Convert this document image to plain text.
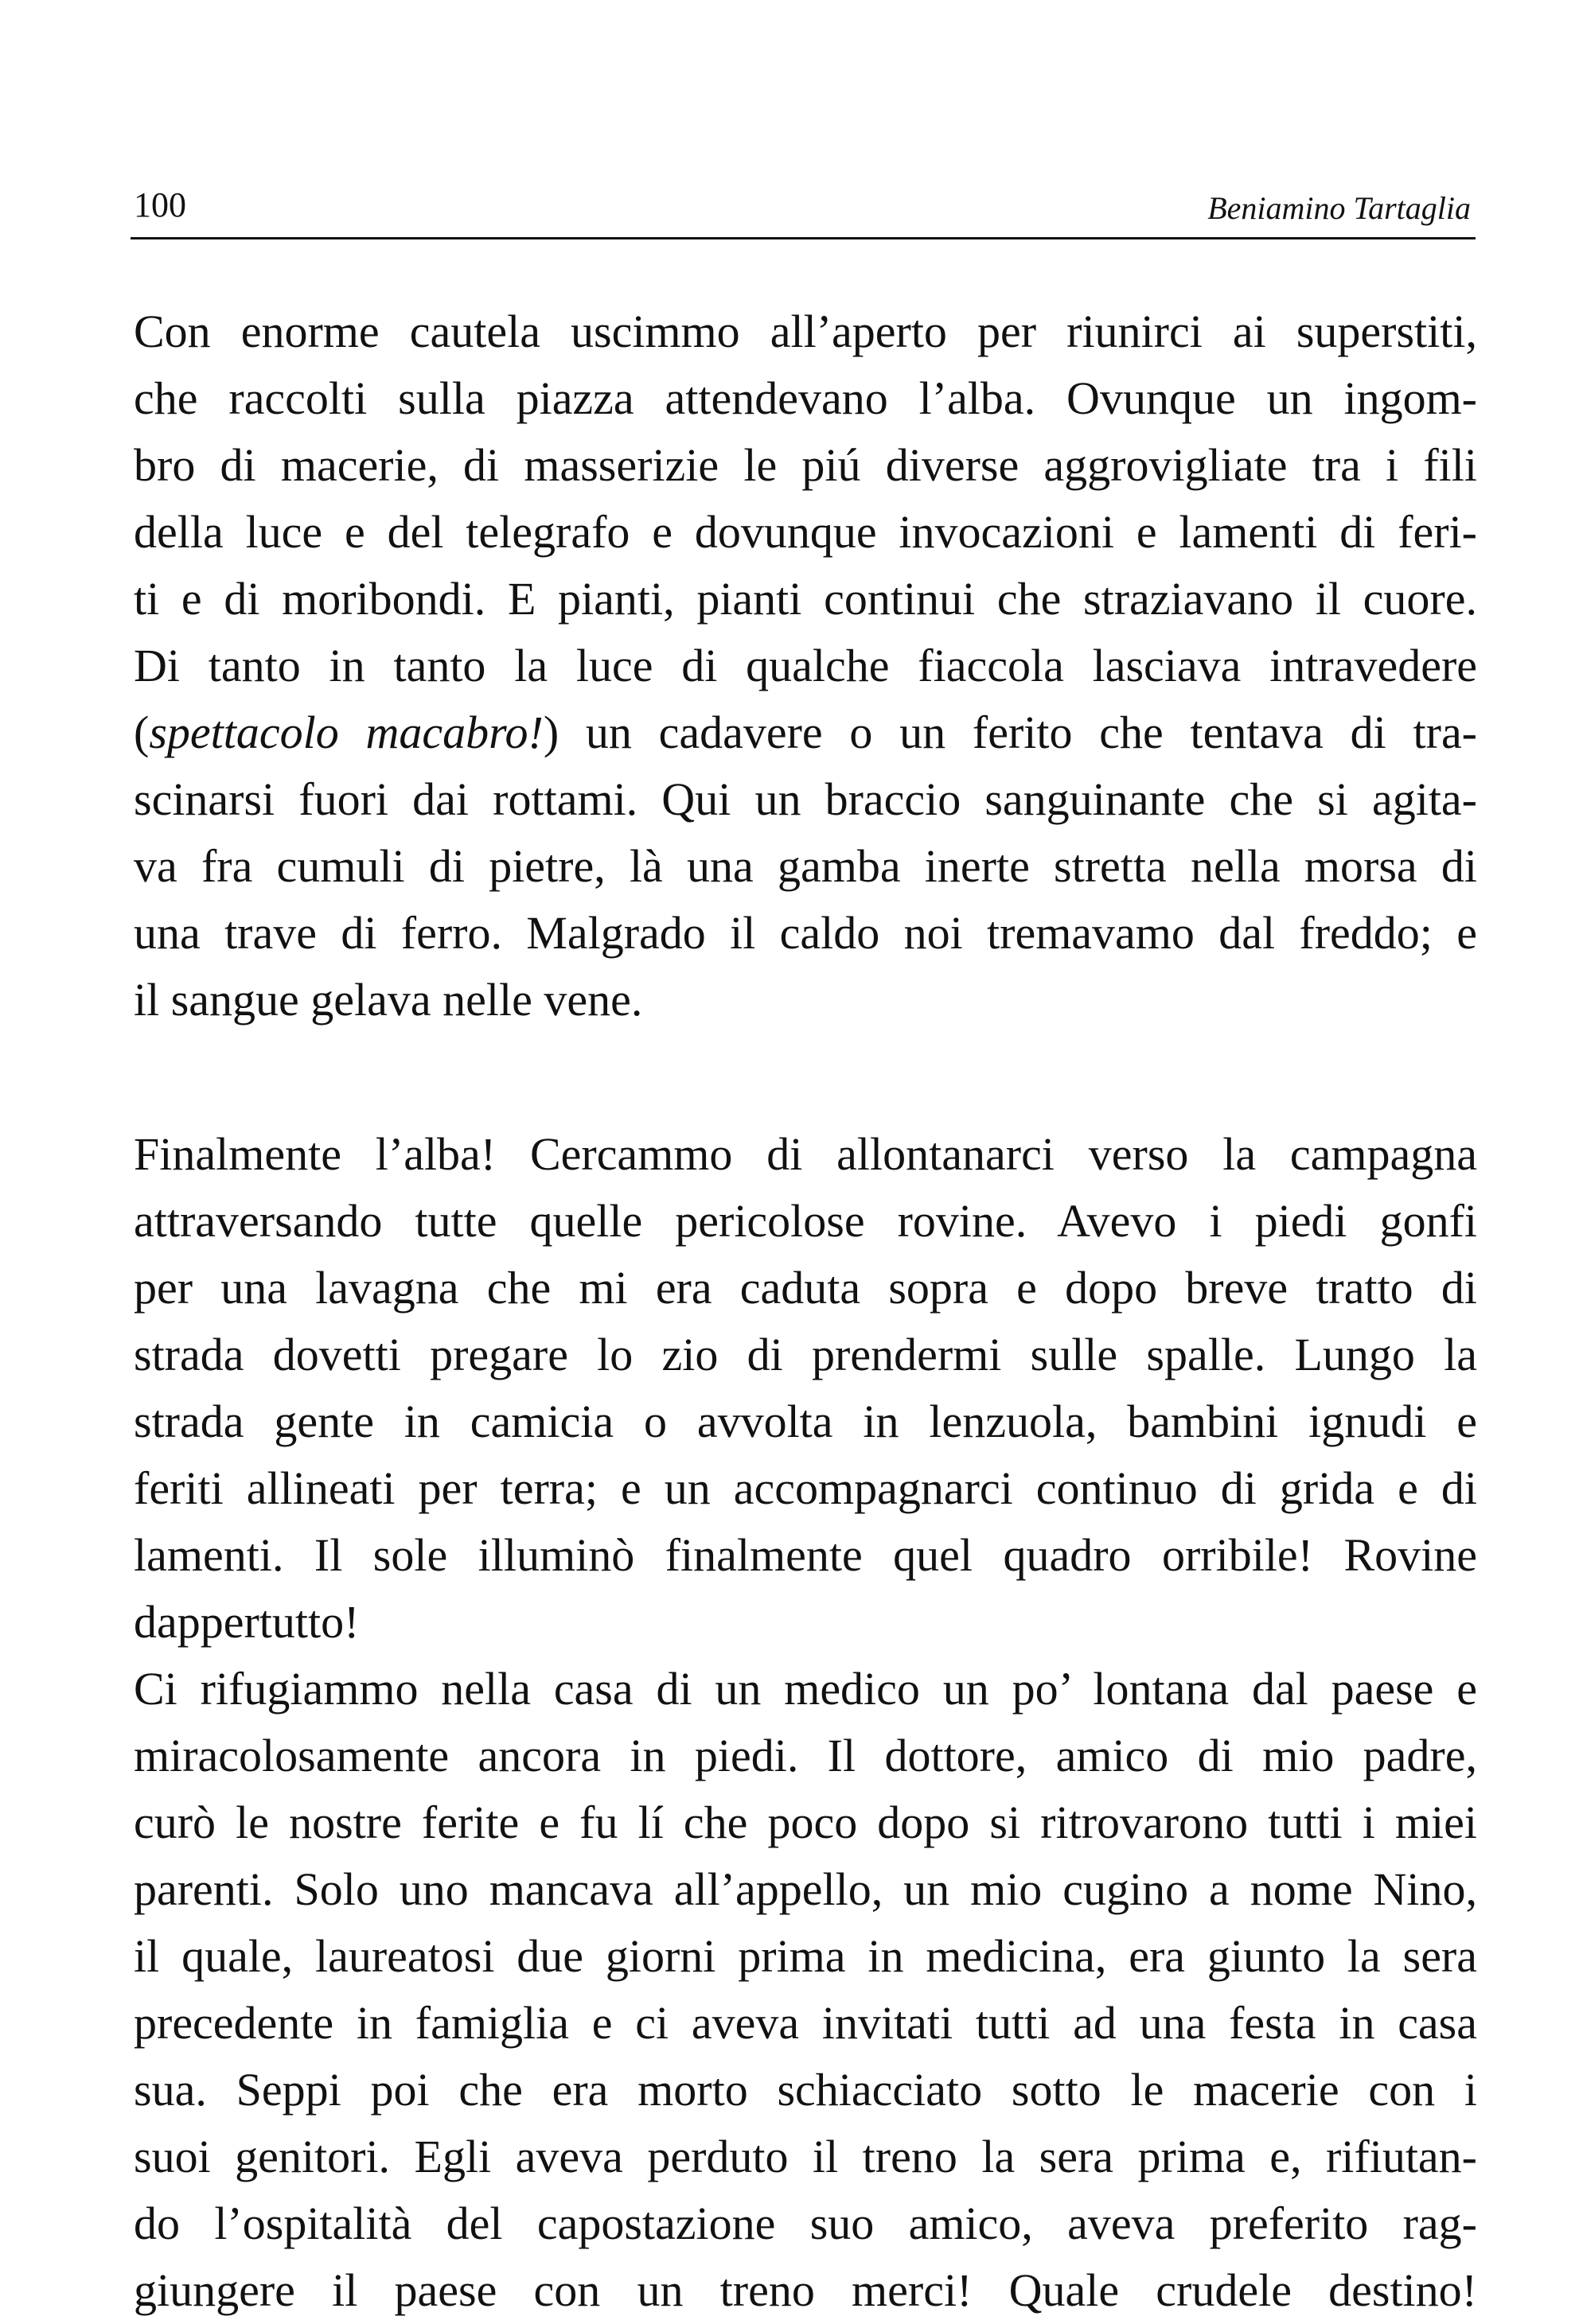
100	Beniamino Tartaglia
Con enorme cautela uscimmo all’aperto per riunirci ai superstiti,
che raccolti sulla piazza attendevano l’alba. Ovunque un ingom-
bro di macerie, di masserizie le piú diverse aggrovigliate tra i fili
della luce e del telegrafo e dovunque invocazioni e lamenti di feri-
ti e di moribondi. E pianti, pianti continui che straziavano il cuore.
Di tanto in tanto la luce di qualche fiaccola lasciava intravedere
(spettacolo macabro!) un cadavere o un ferito che tentava di tra-
scinarsi fuori dai rottami. Qui un braccio sanguinante che si agita-
va fra cumuli di pietre, là una gamba inerte stretta nella morsa di
una trave di ferro. Malgrado il caldo noi tremavamo dal freddo; e
il sangue gelava nelle vene.
Finalmente l’alba! Cercammo di allontanarci verso la campagna
attraversando tutte quelle pericolose rovine. Avevo i piedi gonfi
per una lavagna che mi era caduta sopra e dopo breve tratto di
strada dovetti pregare lo zio di prendermi sulle spalle. Lungo la
strada gente in camicia o avvolta in lenzuola, bambini ignudi e
feriti allineati per terra; e un accompagnarci continuo di grida e di
lamenti. Il sole illuminò finalmente quel quadro orribile! Rovine
dappertutto!
Ci rifugiammo nella casa di un medico un po’ lontana dal paese e
miracolosamente ancora in piedi. Il dottore, amico di mio padre,
curò le nostre ferite e fu lí che poco dopo si ritrovarono tutti i miei
parenti. Solo uno mancava all’appello, un mio cugino a nome Nino,
il quale, laureatosi due giorni prima in medicina, era giunto la sera
precedente in famiglia e ci aveva invitati tutti ad una festa in casa
sua. Seppi poi che era morto schiacciato sotto le macerie con i
suoi genitori. Egli aveva perduto il treno la sera prima e, rifiutan-
do l’ospitalità del capostazione suo amico, aveva preferito rag-
giungere il paese con un treno merci! Quale crudele destino!
